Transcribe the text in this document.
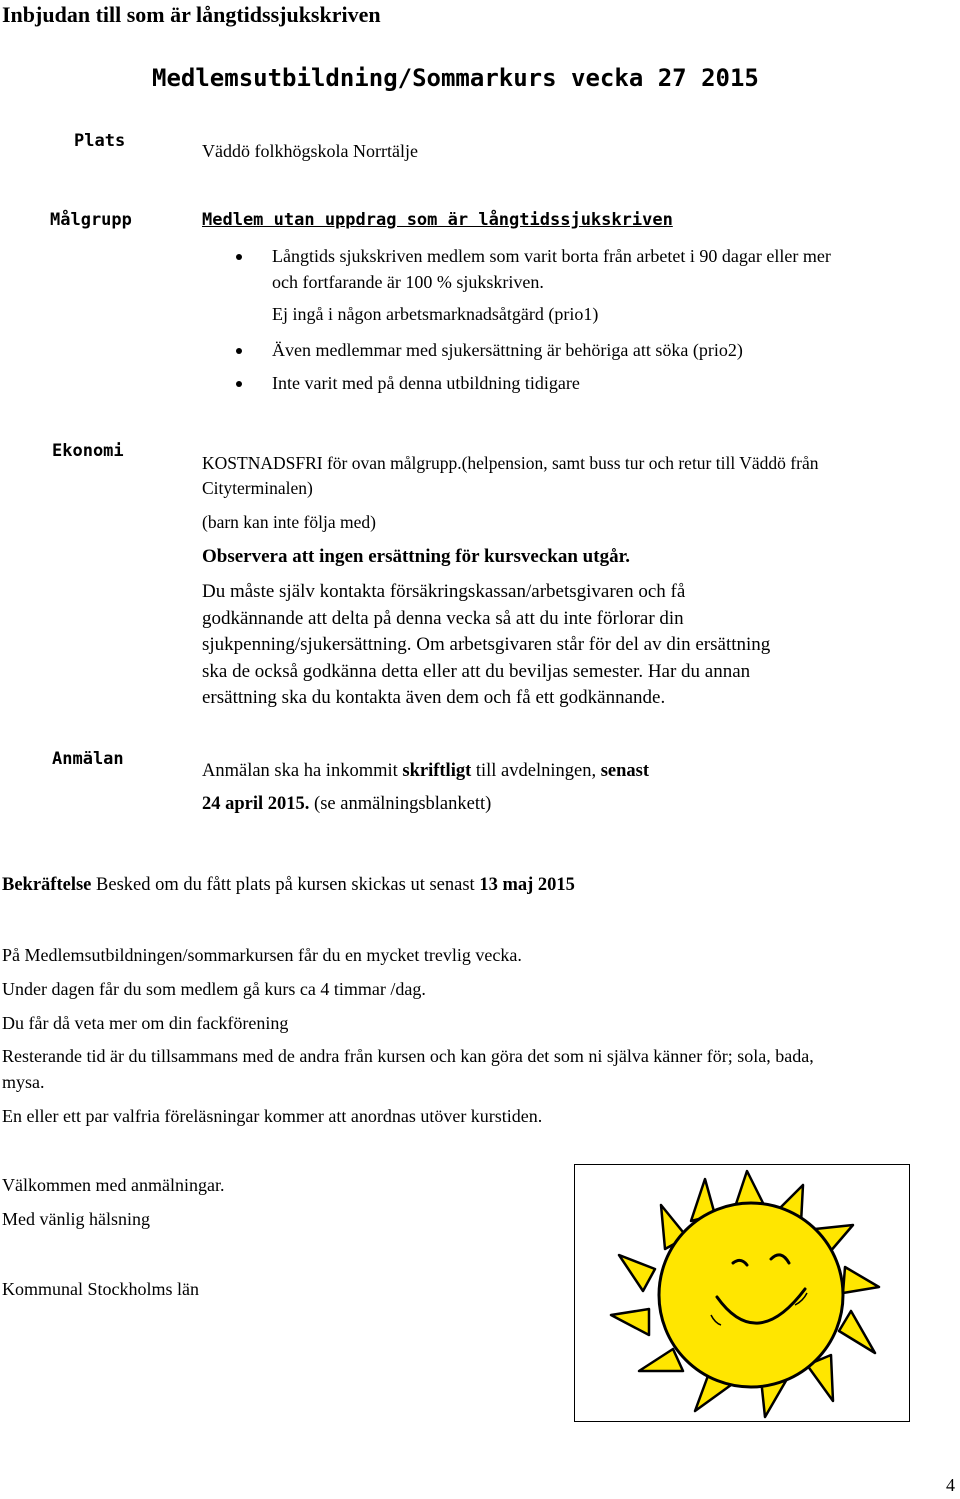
Inbjudan till som är långtidssjukskriven
Medlemsutbildning/Sommarkurs vecka 27 2015
Plats	Väddö folkhögskola Norrtälje
Målgrupp	Medlem utan uppdrag som är långtidssjukskriven
Långtids sjukskriven medlem som varit borta från arbetet i 90 dagar eller mer
och fortfarande är 100 % sjukskriven.
Ej ingå i någon arbetsmarknadsåtgärd (prio1)
Även medlemmar med sjukersättning är behöriga att söka (prio2)
Inte varit med på denna utbildning tidigare
Ekonomi
KOSTNADSFRI för ovan målgrupp.(helpension, samt buss tur och retur till Väddö från
Cityterminalen)
(barn kan inte följa med)
Observera att ingen ersättning för kursveckan utgår.
Du måste själv kontakta försäkringskassan/arbetsgivaren och få
godkännande att delta på denna vecka så att du inte förlorar din
sjukpenning/sjukersättning. Om arbetsgivaren står för del av din ersättning
ska de också godkänna detta eller att du beviljas semester. Har du annan
ersättning ska du kontakta även dem och få ett godkännande.
Anmälan
Anmälan ska ha inkommit skriftligt till avdelningen, senast
24 april 2015. (se anmälningsblankett)
Bekräftelse Besked om du fått plats på kursen skickas ut senast 13 maj 2015
På Medlemsutbildningen/sommarkursen får du en mycket trevlig vecka.
Under dagen får du som medlem gå kurs ca 4 timmar /dag.
Du får då veta mer om din fackförening
Resterande tid är du tillsammans med de andra från kursen och kan göra det som ni själva känner för; sola, bada,
mysa.
En eller ett par valfria föreläsningar kommer att anordnas utöver kurstiden.
Välkommen med anmälningar.
Med vänlig hälsning
Kommunal Stockholms län
4
